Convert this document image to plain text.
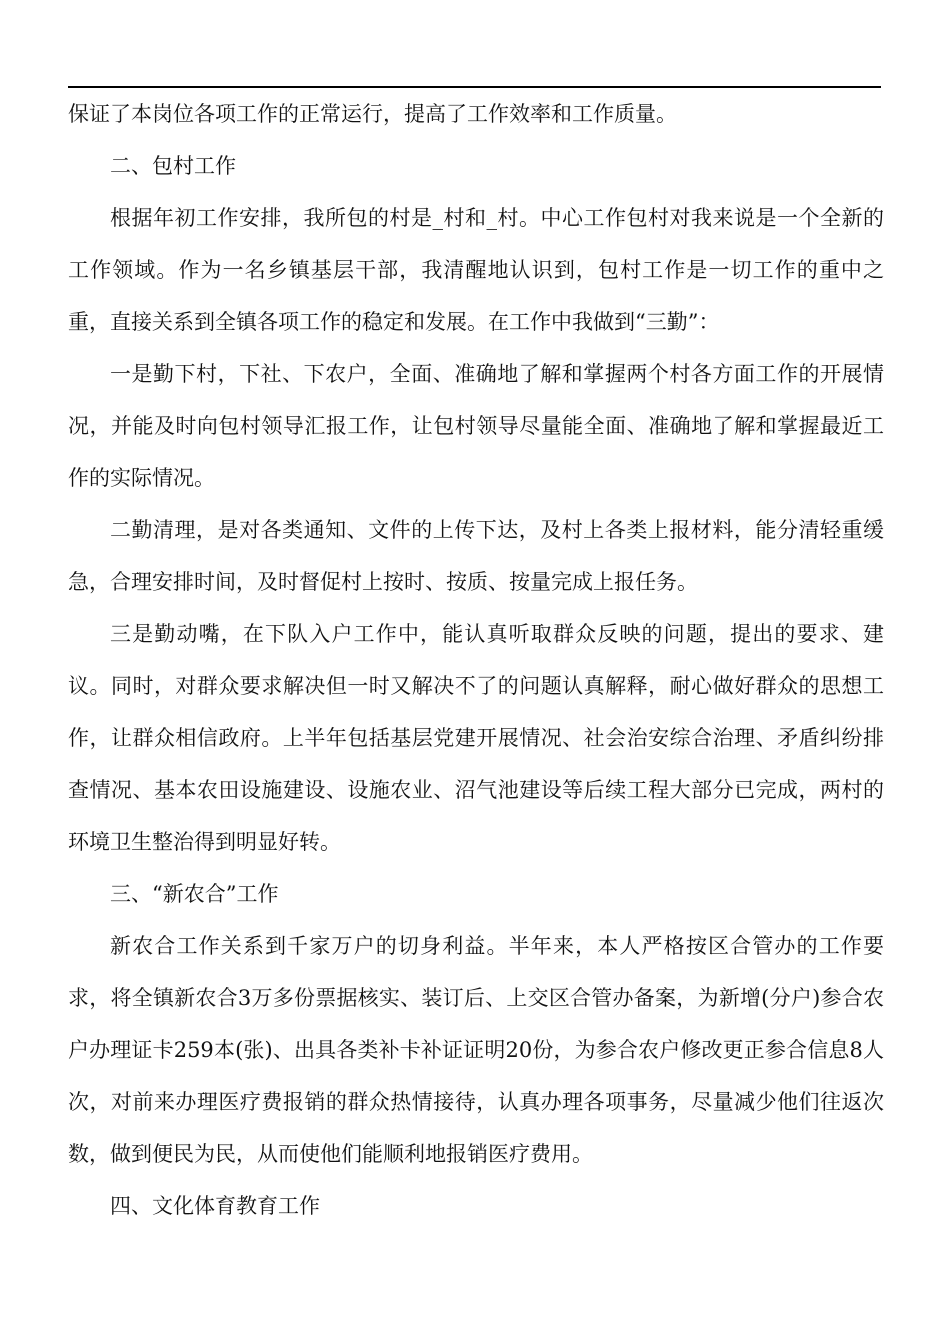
保证了本岗位各项工作的正常运行，提高了工作效率和工作质量。

二、包村工作

根据年初工作安排，我所包的村是_村和_村。中心工作包村对我来说是一个全新的工作领域。作为一名乡镇基层干部，我清醒地认识到，包村工作是一切工作的重中之重，直接关系到全镇各项工作的稳定和发展。在工作中我做到“三勤”：

一是勤下村，下社、下农户，全面、准确地了解和掌握两个村各方面工作的开展情况，并能及时向包村领导汇报工作，让包村领导尽量能全面、准确地了解和掌握最近工作的实际情况。

二勤清理，是对各类通知、文件的上传下达，及村上各类上报材料，能分清轻重缓急，合理安排时间，及时督促村上按时、按质、按量完成上报任务。

三是勤动嘴，在下队入户工作中，能认真听取群众反映的问题，提出的要求、建议。同时，对群众要求解决但一时又解决不了的问题认真解释，耐心做好群众的思想工作，让群众相信政府。上半年包括基层党建开展情况、社会治安综合治理、矛盾纠纷排查情况、基本农田设施建设、设施农业、沼气池建设等后续工程大部分已完成，两村的环境卫生整治得到明显好转。

三、“新农合”工作

新农合工作关系到千家万户的切身利益。半年来，本人严格按区合管办的工作要求，将全镇新农合3万多份票据核实、装订后、上交区合管办备案，为新增(分户)参合农户办理证卡259本(张)、出具各类补卡补证证明20份，为参合农户修改更正参合信息8人次，对前来办理医疗费报销的群众热情接待，认真办理各项事务，尽量减少他们往返次数，做到便民为民，从而使他们能顺利地报销医疗费用。

四、文化体育教育工作
